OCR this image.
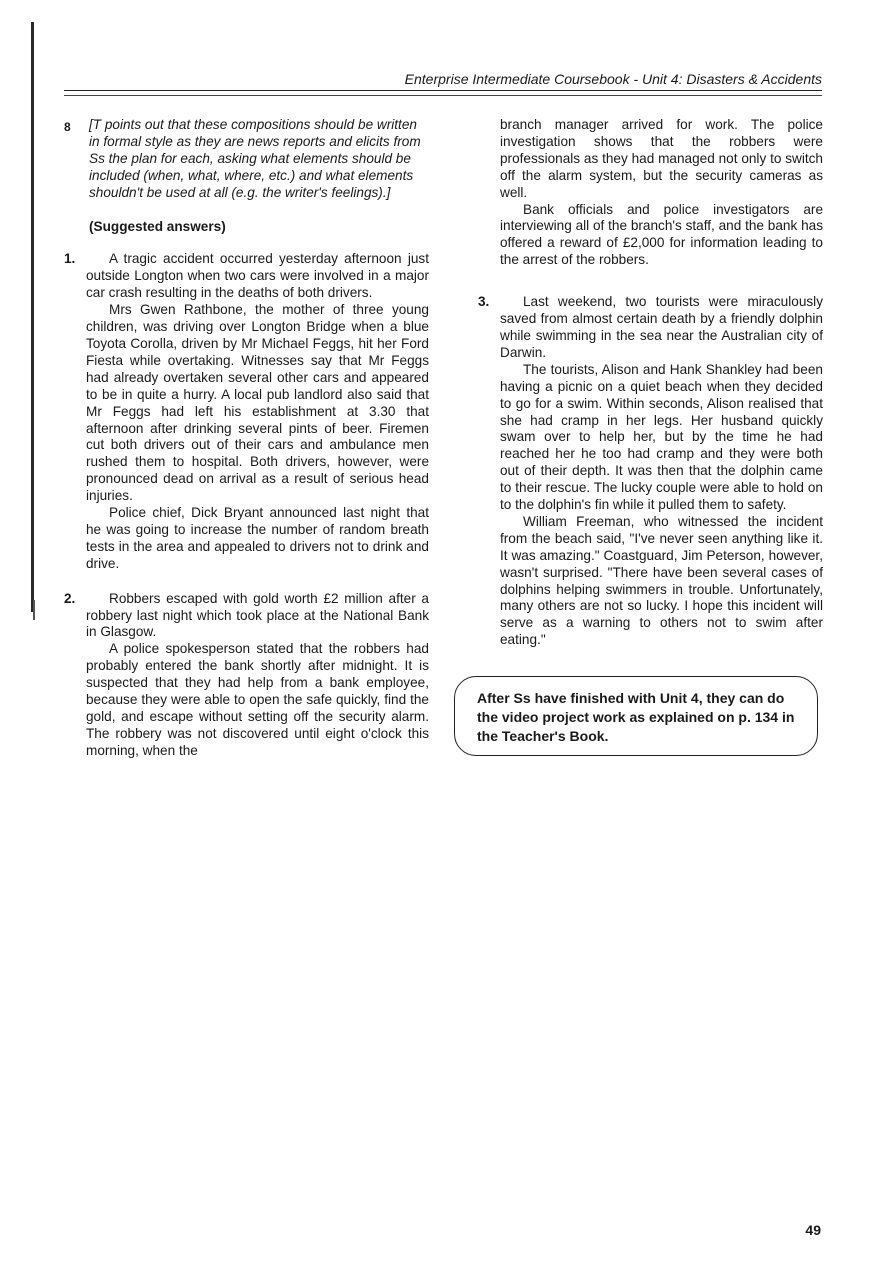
Enterprise Intermediate Coursebook - Unit 4: Disasters & Accidents
8	[T points out that these compositions should be written in formal style as they are news reports and elicits from Ss the plan for each, asking what elements should be included (when, what, where, etc.) and what elements shouldn't be used at all (e.g. the writer's feelings).]
(Suggested answers)
1.	A tragic accident occurred yesterday afternoon just outside Longton when two cars were involved in a major car crash resulting in the deaths of both drivers.

Mrs Gwen Rathbone, the mother of three young children, was driving over Longton Bridge when a blue Toyota Corolla, driven by Mr Michael Feggs, hit her Ford Fiesta while overtaking. Witnesses say that Mr Feggs had already overtaken several other cars and appeared to be in quite a hurry. A local pub landlord also said that Mr Feggs had left his establishment at 3.30 that afternoon after drinking several pints of beer. Firemen cut both drivers out of their cars and ambulance men rushed them to hospital. Both drivers, however, were pronounced dead on arrival as a result of serious head injuries.

Police chief, Dick Bryant announced last night that he was going to increase the number of random breath tests in the area and appealed to drivers not to drink and drive.

2.	Robbers escaped with gold worth £2 million after a robbery last night which took place at the National Bank in Glasgow.

A police spokesperson stated that the robbers had probably entered the bank shortly after midnight. It is suspected that they had help from a bank employee, because they were able to open the safe quickly, find the gold, and escape without setting off the security alarm. The robbery was not discovered until eight o'clock this morning, when the

branch manager arrived for work. The police investigation shows that the robbers were professionals as they had managed not only to switch off the alarm system, but the security cameras as well.

Bank officials and police investigators are interviewing all of the branch's staff, and the bank has offered a reward of £2,000 for information leading to the arrest of the robbers.

3.	Last weekend, two tourists were miraculously saved from almost certain death by a friendly dolphin while swimming in the sea near the Australian city of Darwin.

The tourists, Alison and Hank Shankley had been having a picnic on a quiet beach when they decided to go for a swim. Within seconds, Alison realised that she had cramp in her legs. Her husband quickly swam over to help her, but by the time he had reached her he too had cramp and they were both out of their depth. It was then that the dolphin came to their rescue. The lucky couple were able to hold on to the dolphin's fin while it pulled them to safety.

William Freeman, who witnessed the incident from the beach said, "I've never seen anything like it. It was amazing." Coastguard, Jim Peterson, however, wasn't surprised. "There have been several cases of dolphins helping swimmers in trouble. Unfortunately, many others are not so lucky. I hope this incident will serve as a warning to others not to swim after eating."

After Ss have finished with Unit 4, they can do the video project work as explained on p. 134 in the Teacher's Book.
49
